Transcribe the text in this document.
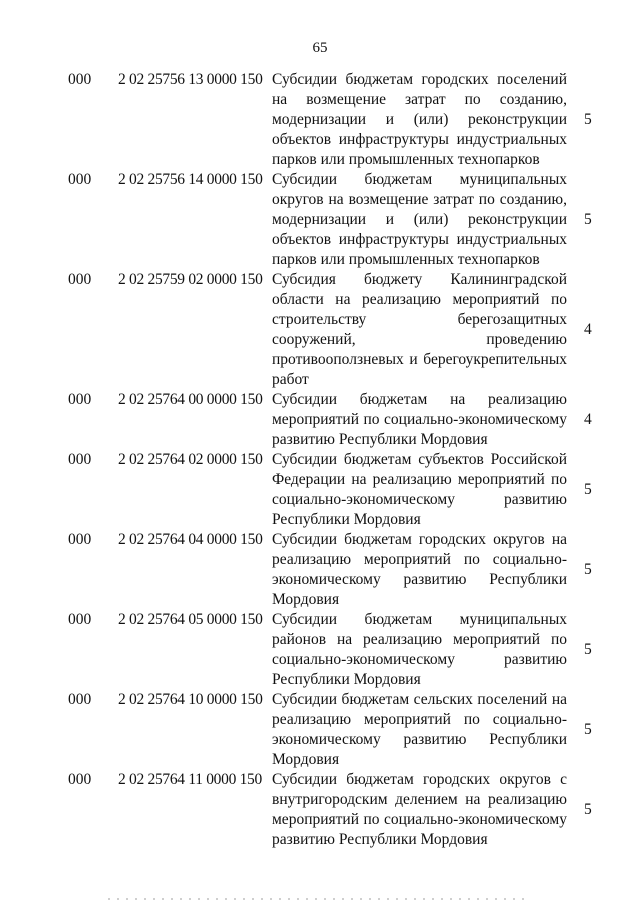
65
000 2 02 25756 13 0000 150 Субсидии бюджетам городских поселений на возмещение затрат по созданию, модернизации и (или) реконструкции объектов инфраструктуры индустриальных парков или промышленных технопарков
5
000 2 02 25756 14 0000 150 Субсидии бюджетам муниципальных округов на возмещение затрат по созданию, модернизации и (или) реконструкции объектов инфраструктуры индустриальных парков или промышленных технопарков
5
000 2 02 25759 02 0000 150 Субсидия бюджету Калининградской области на реализацию мероприятий по строительству берегозащитных сооружений, проведению противооползневых и берегоукрепительных работ
4
000 2 02 25764 00 0000 150 Субсидии бюджетам на реализацию мероприятий по социально-экономическому развитию Республики Мордовия
4
000 2 02 25764 02 0000 150 Субсидии бюджетам субъектов Российской Федерации на реализацию мероприятий по социально-экономическому развитию Республики Мордовия
5
000 2 02 25764 04 0000 150 Субсидии бюджетам городских округов на реализацию мероприятий по социально-экономическому развитию Республики Мордовия
5
000 2 02 25764 05 0000 150 Субсидии бюджетам муниципальных районов на реализацию мероприятий по социально-экономическому развитию Республики Мордовия
5
000 2 02 25764 10 0000 150 Субсидии бюджетам сельских поселений на реализацию мероприятий по социально-экономическому развитию Республики Мордовия
5
000 2 02 25764 11 0000 150 Субсидии бюджетам городских округов с внутригородским делением на реализацию мероприятий по социально-экономическому развитию Республики Мордовия
5
